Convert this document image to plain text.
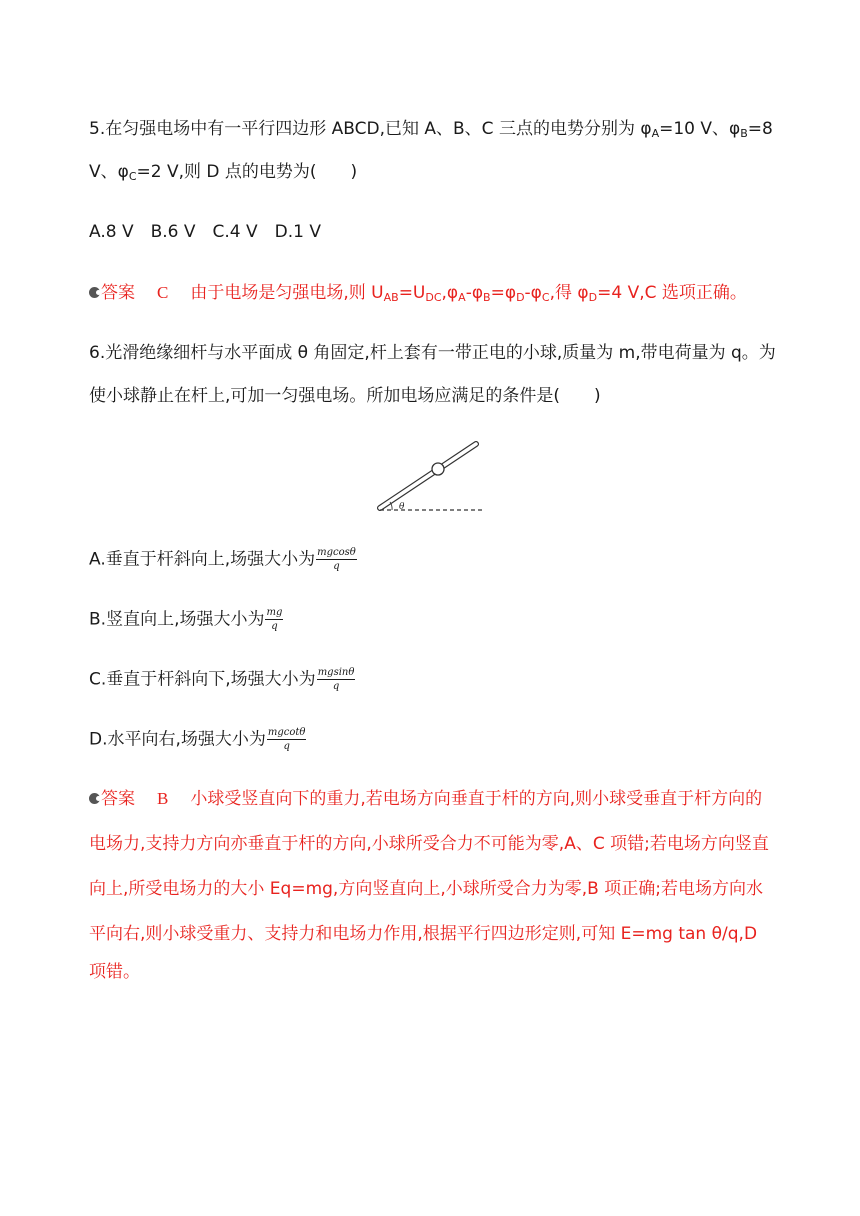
5.在匀强电场中有一平行四边形 ABCD,已知 A、B、C 三点的电势分别为 $\varphi_A=10$ V、$\varphi_B=8$
V、$\varphi_C=2$ V,则 D 点的电势为(　　)
A.8 V　B.6 V　C.4 V　D.1 V
答案 C 由于电场是匀强电场,则 $U_{AB}=U_{DC},\varphi_A-\varphi_B=\varphi_D-\varphi_C$,得 $\varphi_D=4$ V,C 选项正确。
6.光滑绝缘细杆与水平面成 θ 角固定,杆上套有一带正电的小球,质量为 m,带电荷量为 q。为
使小球静止在杆上,可加一匀强电场。所加电场应满足的条件是(　　)
θ
A.垂直于杆斜向上,场强大小为 $\frac{mgcos\theta}{q}$
B.竖直向上,场强大小为 $\frac{mg}{q}$
C.垂直于杆斜向下,场强大小为 $\frac{mgsin\theta}{q}$
D.水平向右,场强大小为 $\frac{mgcot\theta}{q}$
答案 B 小球受竖直向下的重力,若电场方向垂直于杆的方向,则小球受垂直于杆方向的
电场力,支持力方向亦垂直于杆的方向,小球所受合力不可能为零,A、C 项错;若电场方向竖直
向上,所受电场力的大小 Eq=mg,方向竖直向上,小球所受合力为零,B 项正确;若电场方向水
平向右,则小球受重力、支持力和电场力作用,根据平行四边形定则,可知 E=mg tan θ/q,D
项错。
